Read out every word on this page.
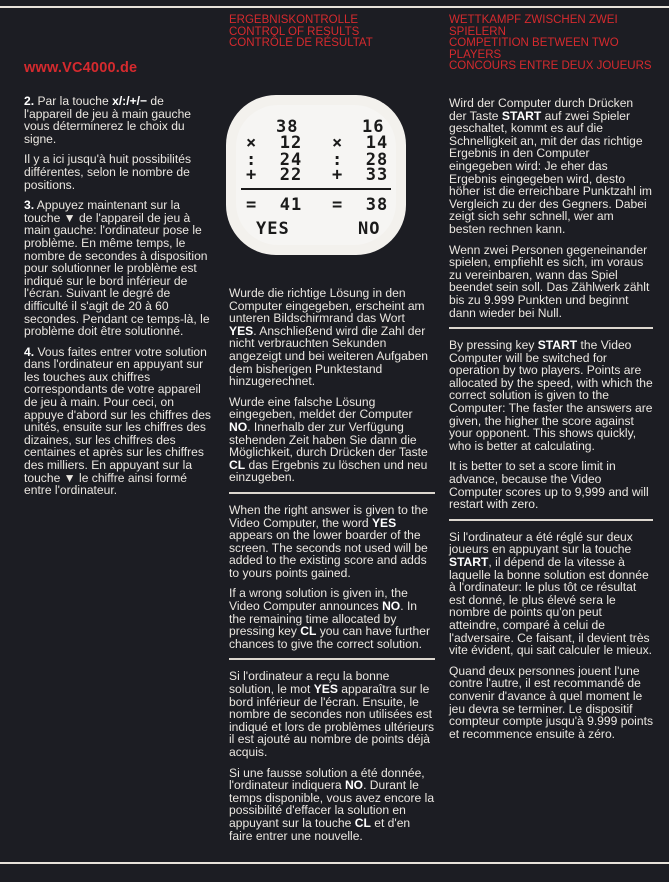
ERGEBNISKONTROLLE
CONTROL OF RESULTS
CONTRÔLE DE RÉSULTAT
WETTKAMPF ZWISCHEN ZWEI
SPIELERN
COMPETITION BETWEEN TWO
PLAYERS
CONCOURS ENTRE DEUX JOUEURS
www.VC4000.de

2. Par la touche x/:/+/− de l'appareil de jeu à main gauche vous déterminerez le choix du signe.

Il y a ici jusqu'à huit possibilités différentes, selon le nombre de positions.

3. Appuyez maintenant sur la touche ▼ de l'appareil de jeu à main gauche: l'ordinateur pose le problème. En même temps, le nombre de secondes à disposition pour solutionner le problème est indiqué sur le bord inférieur de l'écran. Suivant le degré de difficulté il s'agit de 20 à 60 secondes. Pendant ce temps-là, le problème doit être solutionné.

4. Vous faites entrer votre solution dans l'ordinateur en appuyant sur les touches aux chiffres correspondants de votre appareil de jeu à main. Pour ceci, on appuye d'abord sur les chiffres des unités, ensuite sur les chiffres des dizaines, sur les chiffres des centaines et après sur les chiffres des milliers. En appuyant sur la touche ▼ le chiffre ainsi formé entre l'ordinateur.

38
×  12
:  24
+  22
=  41
YES
16
×  14
:  28
+  33
=  38
NO

Wurde die richtige Lösung in den Computer eingegeben, erscheint am unteren Bildschirmrand das Wort YES. Anschließend wird die Zahl der nicht verbrauchten Sekunden angezeigt und bei weiteren Aufgaben dem bisherigen Punktestand hinzugerechnet.

Wurde eine falsche Lösung eingegeben, meldet der Computer NO. Innerhalb der zur Verfügung stehenden Zeit haben Sie dann die Möglichkeit, durch Drücken der Taste CL das Ergebnis zu löschen und neu einzugeben.

When the right answer is given to the Video Computer, the word YES appears on the lower boarder of the screen. The seconds not used will be added to the existing score and adds to yours points gained.

If a wrong solution is given in, the Video Computer announces NO. In the remaining time allocated by pressing key CL you can have further chances to give the correct solution.

Si l'ordinateur a reçu la bonne solution, le mot YES apparaîtra sur le bord inférieur de l'écran. Ensuite, le nombre de secondes non utilisées est indiqué et lors de problèmes ultérieurs il est ajouté au nombre de points déjà acquis.

Si une fausse solution a été donnée, l'ordinateur indiquera NO. Durant le temps disponible, vous avez encore la possibilité d'effacer la solution en appuyant sur la touche CL et d'en faire entrer une nouvelle.

Wird der Computer durch Drücken der Taste START auf zwei Spieler geschaltet, kommt es auf die Schnelligkeit an, mit der das richtige Ergebnis in den Computer eingegeben wird: Je eher das Ergebnis eingegeben wird, desto höher ist die erreichbare Punktzahl im Vergleich zu der des Gegners. Dabei zeigt sich sehr schnell, wer am besten rechnen kann.

Wenn zwei Personen gegeneinander spielen, empfiehlt es sich, im voraus zu vereinbaren, wann das Spiel beendet sein soll. Das Zählwerk zählt bis zu 9.999 Punkten und beginnt dann wieder bei Null.

By pressing key START the Video Computer will be switched for operation by two players. Points are allocated by the speed, with which the correct solution is given to the Computer: The faster the answers are given, the higher the score against your opponent. This shows quickly, who is better at calculating.

It is better to set a score limit in advance, because the Video Computer scores up to 9,999 and will restart with zero.

Si l'ordinateur a été réglé sur deux joueurs en appuyant sur la touche START, il dépend de la vitesse à laquelle la bonne solution est donnée à l'ordinateur: le plus tôt ce résultat est donné, le plus élevé sera le nombre de points qu'on peut atteindre, comparé à celui de l'adversaire. Ce faisant, il devient très vite évident, qui sait calculer le mieux.

Quand deux personnes jouent l'une contre l'autre, il est recommandé de convenir d'avance à quel moment le jeu devra se terminer. Le dispositif compteur compte jusqu'à 9.999 points et recommence ensuite à zéro.
